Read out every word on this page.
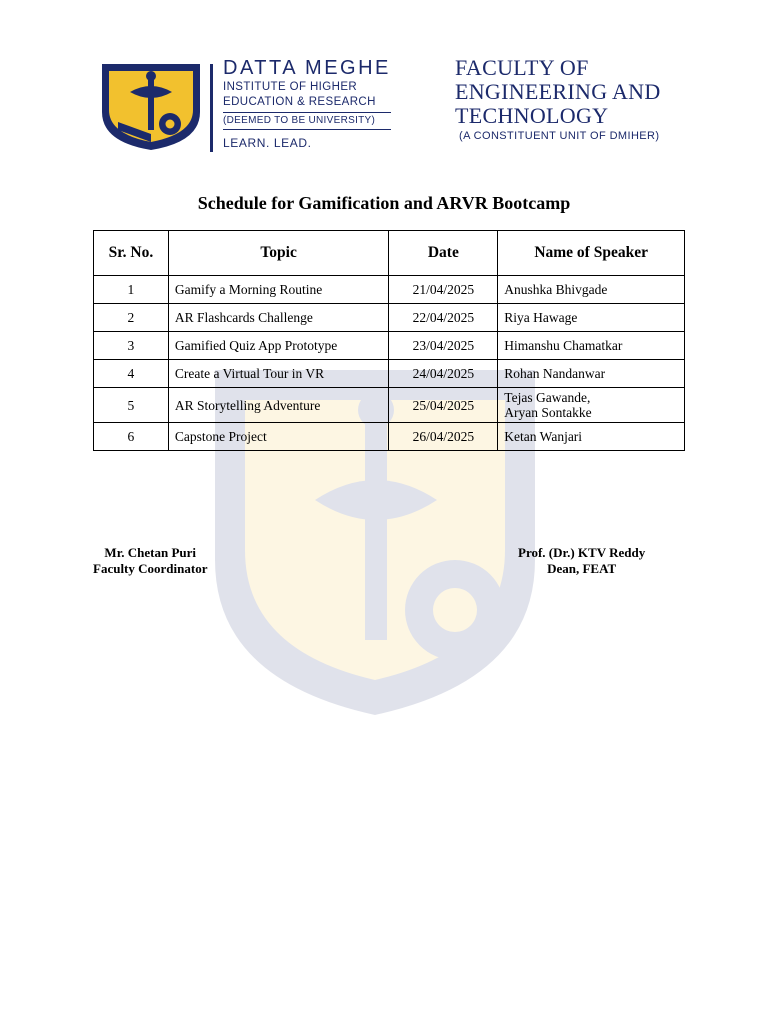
DATTA MEGHE
INSTITUTE OF HIGHER
EDUCATION & RESEARCH
(DEEMED TO BE UNIVERSITY)
LEARN. LEAD.
FACULTY OF
ENGINEERING AND
TECHNOLOGY
(A CONSTITUENT UNIT OF DMIHER)
Schedule for Gamification and ARVR Bootcamp
Sr. No.	Topic	Date	Name of Speaker
1	Gamify a Morning Routine	21/04/2025	Anushka Bhivgade
2	AR Flashcards Challenge	22/04/2025	Riya Hawage
3	Gamified Quiz App Prototype	23/04/2025	Himanshu Chamatkar
4	Create a Virtual Tour in VR	24/04/2025	Rohan Nandanwar
5	AR Storytelling Adventure	25/04/2025	Tejas Gawande,
Aryan Sontakke

6	Capstone Project	26/04/2025	Ketan Wanjari
Mr. Chetan Puri
Faculty Coordinator
Prof. (Dr.) KTV Reddy
Dean, FEAT
